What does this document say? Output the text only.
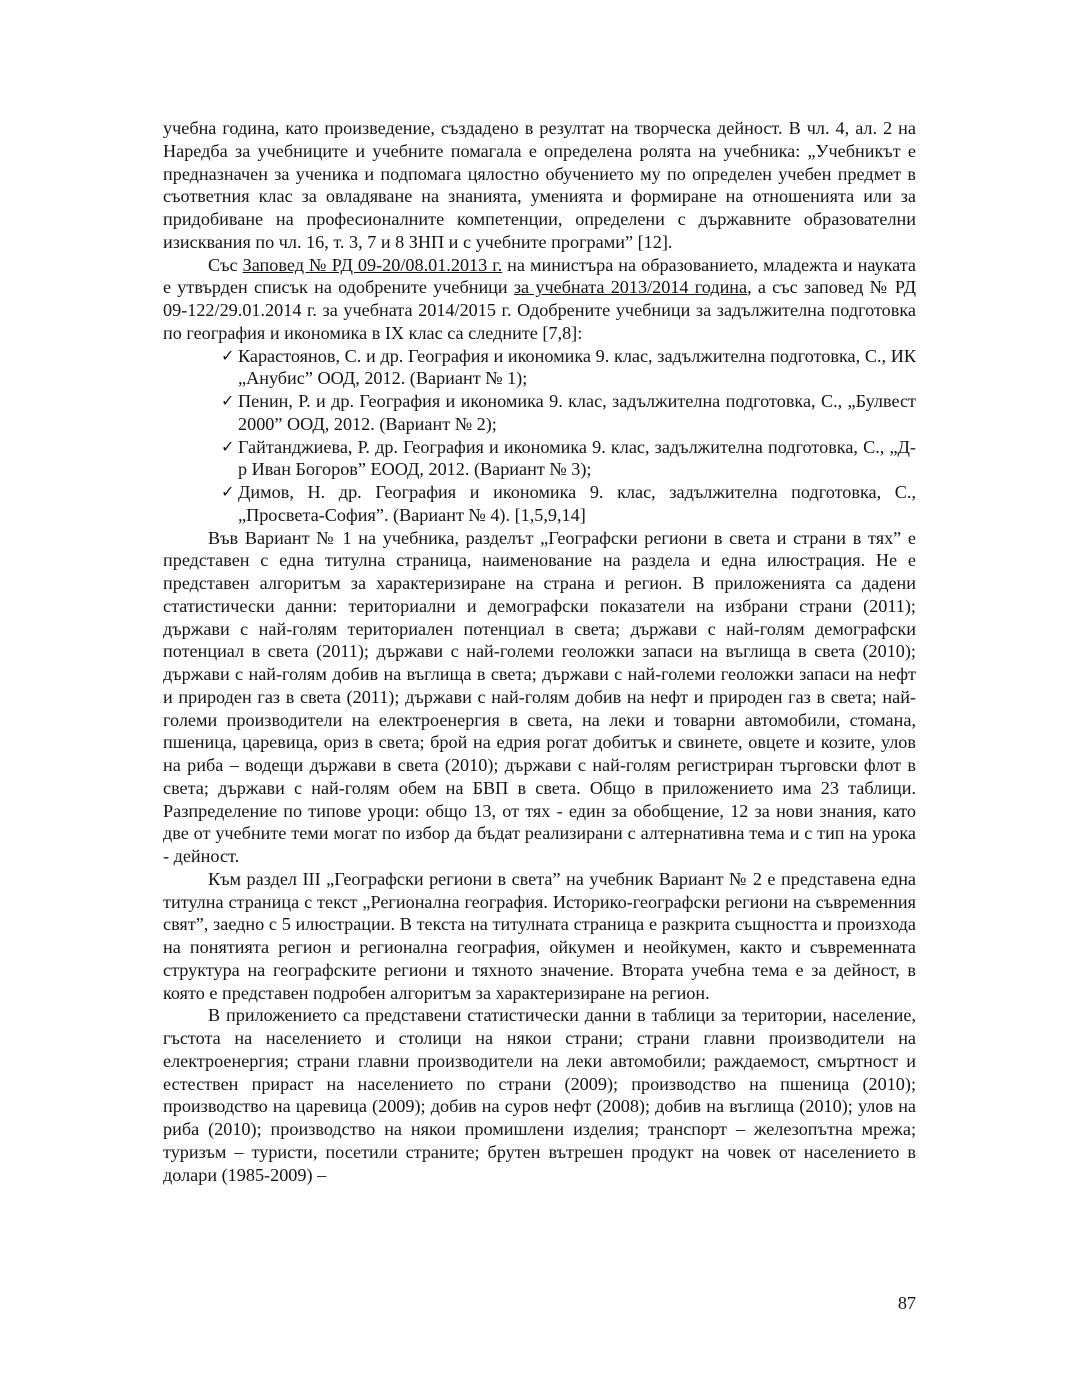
учебна година, като произведение, създадено в резултат на творческа дейност. В чл. 4, ал. 2 на Наредба за учебниците и учебните помагала е определена ролята на учебника: „Учебникът е предназначен за ученика и подпомага цялостно обучението му по определен учебен предмет в съответния клас за овладяване на знанията, уменията и формиране на отношенията или за придобиване на професионалните компетенции, определени с държавните образователни изисквания по чл. 16, т. 3, 7 и 8 ЗНП и с учебните програми” [12].

Със Заповед № РД 09-20/08.01.2013 г. на министъра на образованието, младежта и науката е утвърден списък на одобрените учебници за учебната 2013/2014 година, а със заповед № РД 09-122/29.01.2014 г. за учебната 2014/2015 г. Одобрените учебници за задължителна подготовка по география и икономика в IX клас са следните [7,8]:

✓ Карастоянов, С. и др. География и икономика 9. клас, задължителна подготовка, С., ИК „Анубис” ООД, 2012. (Вариант № 1);
✓ Пенин, Р. и др. География и икономика 9. клас, задължителна подготовка, С., „Булвест 2000” ООД, 2012. (Вариант № 2);
✓ Гайтанджиева, Р. др. География и икономика 9. клас, задължителна подготовка, С., „Д-р Иван Богоров” ЕООД, 2012. (Вариант № 3);
✓ Димов, Н. др. География и икономика 9. клас, задължителна подготовка, С., „Просвета-София”. (Вариант № 4). [1,5,9,14]

Във Вариант № 1 на учебника, разделът „Географски региони в света и страни в тях” е представен с една титулна страница, наименование на раздела и една илюстрация. Не е представен алгоритъм за характеризиране на страна и регион. В приложенията са дадени статистически данни: териториални и демографски показатели на избрани страни (2011); държави с най-голям териториален потенциал в света; държави с най-голям демографски потенциал в света (2011); държави с най-големи геоложки запаси на въглища в света (2010); държави с най-голям добив на въглища в света; държави с най-големи геоложки запаси на нефт и природен газ в света (2011); държави с най-голям добив на нефт и природен газ в света; най-големи производители на електроенергия в света, на леки и товарни автомобили, стомана, пшеница, царевица, ориз в света; брой на едрия рогат добитък и свинете, овцете и козите, улов на риба – водещи държави в света (2010); държави с най-голям регистриран търговски флот в света; държави с най-голям обем на БВП в света. Общо в приложението има 23 таблици. Разпределение по типове уроци: общо 13, от тях - един за обобщение, 12 за нови знания, като две от учебните теми могат по избор да бъдат реализирани с алтернативна тема и с тип на урока - дейност.

Към раздел III „Географски региони в света” на учебник Вариант № 2 е представена една титулна страница с текст „Регионална география. Историко-географски региони на съвременния свят”, заедно с 5 илюстрации. В текста на титулната страница е разкрита същността и произхода на понятията регион и регионална география, ойкумен и неойкумен, както и съвременната структура на географските региони и тяхното значение. Втората учебна тема е за дейност, в която е представен подробен алгоритъм за характеризиране на регион.

В приложението са представени статистически данни в таблици за територии, население, гъстота на населението и столици на някои страни; страни главни производители на електроенергия; страни главни производители на леки автомобили; раждаемост, смъртност и естествен прираст на населението по страни (2009); производство на пшеница (2010); производство на царевица (2009); добив на суров нефт (2008); добив на въглища (2010); улов на риба (2010); производство на някои промишлени изделия; транспорт – железопътна мрежа; туризъм – туристи, посетили страните; брутен вътрешен продукт на човек от населението в долари (1985-2009) –

87
